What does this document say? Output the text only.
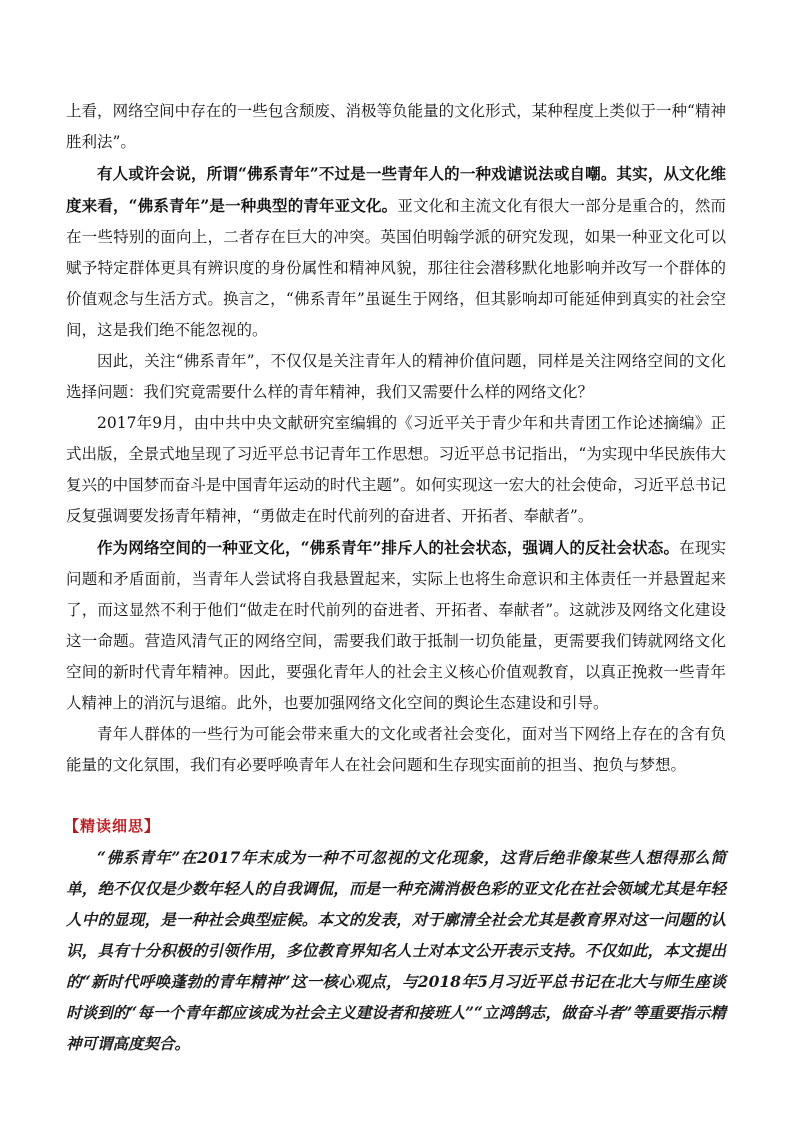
上看，网络空间中存在的一些包含颓废、消极等负能量的文化形式，某种程度上类似于一种“精神胜利法”。

有人或许会说，所谓“佛系青年”不过是一些青年人的一种戏谑说法或自嘲。其实，从文化维度来看，“佛系青年”是一种典型的青年亚文化。亚文化和主流文化有很大一部分是重合的，然而在一些特别的面向上，二者存在巨大的冲突。英国伯明翰学派的研究发现，如果一种亚文化可以赋予特定群体更具有辨识度的身份属性和精神风貌，那往往会潜移默化地影响并改写一个群体的价值观念与生活方式。换言之，“佛系青年”虽诞生于网络，但其影响却可能延伸到真实的社会空间，这是我们绝不能忽视的。

因此，关注“佛系青年”，不仅仅是关注青年人的精神价值问题，同样是关注网络空间的文化选择问题：我们究竟需要什么样的青年精神，我们又需要什么样的网络文化？

2017年9月，由中共中央文献研究室编辑的《习近平关于青少年和共青团工作论述摘编》正式出版，全景式地呈现了习近平总书记青年工作思想。习近平总书记指出，“为实现中华民族伟大复兴的中国梦而奋斗是中国青年运动的时代主题”。如何实现这一宏大的社会使命，习近平总书记反复强调要发扬青年精神，“勇做走在时代前列的奋进者、开拓者、奉献者”。

作为网络空间的一种亚文化，“佛系青年”排斥人的社会状态，强调人的反社会状态。在现实问题和矛盾面前，当青年人尝试将自我悬置起来，实际上也将生命意识和主体责任一并悬置起来了，而这显然不利于他们“做走在时代前列的奋进者、开拓者、奉献者”。这就涉及网络文化建设这一命题。营造风清气正的网络空间，需要我们敢于抵制一切负能量，更需要我们铸就网络文化空间的新时代青年精神。因此，要强化青年人的社会主义核心价值观教育，以真正挽救一些青年人精神上的消沉与退缩。此外，也要加强网络文化空间的舆论生态建设和引导。

青年人群体的一些行为可能会带来重大的文化或者社会变化，面对当下网络上存在的含有负能量的文化氛围，我们有必要呼唤青年人在社会问题和生存现实面前的担当、抱负与梦想。

【精读细思】

“佛系青年”在2017年末成为一种不可忽视的文化现象，这背后绝非像某些人想得那么简单，绝不仅仅是少数年轻人的自我调侃，而是一种充满消极色彩的亚文化在社会领域尤其是年轻人中的显现，是一种社会典型症候。本文的发表，对于廓清全社会尤其是教育界对这一问题的认识，具有十分积极的引领作用，多位教育界知名人士对本文公开表示支持。不仅如此，本文提出的“新时代呼唤蓬勃的青年精神”这一核心观点，与2018年5月习近平总书记在北大与师生座谈时谈到的“每一个青年都应该成为社会主义建设者和接班人”“立鸿鹄志，做奋斗者”等重要指示精神可谓高度契合。
